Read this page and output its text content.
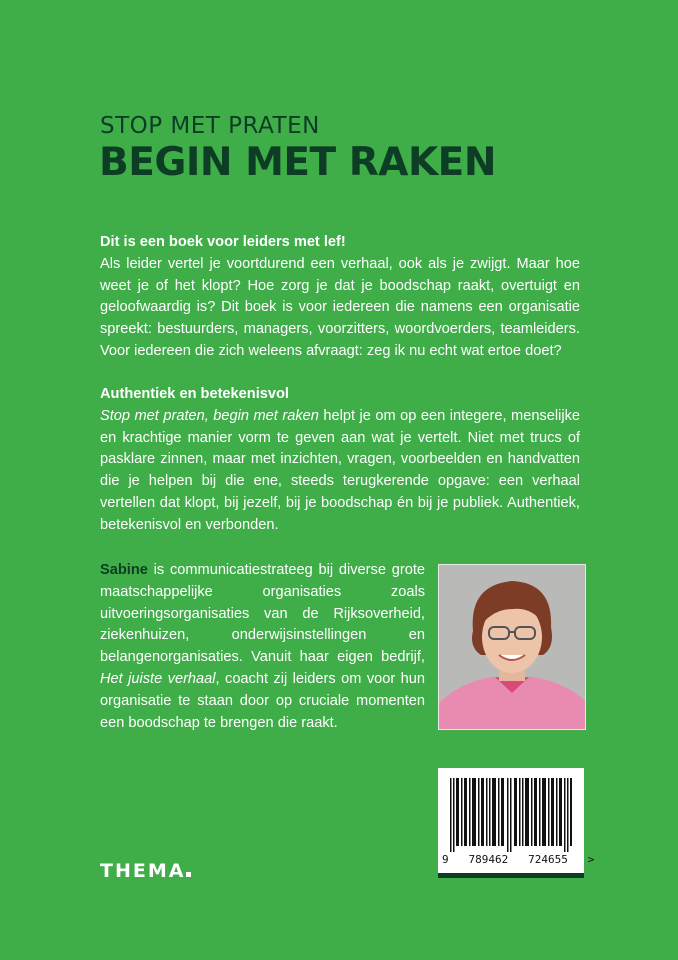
STOP MET PRATEN
BEGIN MET RAKEN
Dit is een boek voor leiders met lef!

Als leider vertel je voortdurend een verhaal, ook als je zwijgt. Maar hoe weet je of het klopt? Hoe zorg je dat je boodschap raakt, overtuigt en geloofwaardig is? Dit boek is voor iedereen die namens een organisatie spreekt: bestuurders, managers, voorzitters, woordvoerders, teamleiders. Voor iedereen die zich weleens afvraagt: zeg ik nu echt wat ertoe doet?

Authentiek en betekenisvol

Stop met praten, begin met raken helpt je om op een integere, menselijke en krachtige manier vorm te geven aan wat je vertelt. Niet met trucs of pasklare zinnen, maar met inzichten, vragen, voorbeelden en handvatten die je helpen bij die ene, steeds terugkerende opgave: een verhaal vertellen dat klopt, bij jezelf, bij je boodschap én bij je publiek. Authentiek, betekenisvol en verbonden.

Sabine is communicatiestrateeg bij diverse grote maatschappelijke organisaties zoals uitvoeringsorganisaties van de Rijksoverheid, ziekenhuizen, onderwijsinstellingen en belangenorganisaties. Vanuit haar eigen bedrijf, Het juiste verhaal, coacht zij leiders om voor hun organisatie te staan door op cruciale momenten een boodschap te brengen die raakt.
9   789462   724655   >
THEMA
